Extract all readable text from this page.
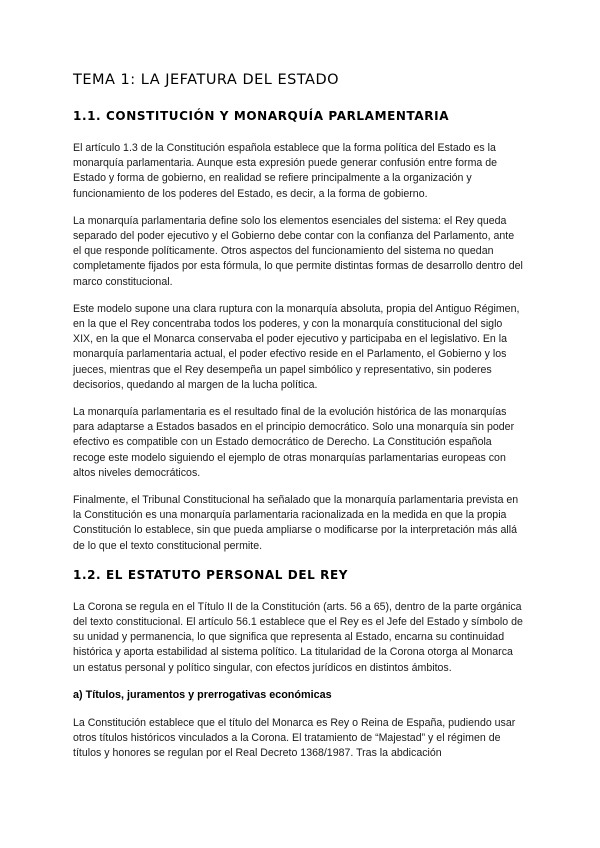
TEMA 1: LA JEFATURA DEL ESTADO
1.1. CONSTITUCIÓN Y MONARQUÍA PARLAMENTARIA

El artículo 1.3 de la Constitución española establece que la forma política del Estado es la monarquía parlamentaria. Aunque esta expresión puede generar confusión entre forma de Estado y forma de gobierno, en realidad se refiere principalmente a la organización y funcionamiento de los poderes del Estado, es decir, a la forma de gobierno.

La monarquía parlamentaria define solo los elementos esenciales del sistema: el Rey queda separado del poder ejecutivo y el Gobierno debe contar con la confianza del Parlamento, ante el que responde políticamente. Otros aspectos del funcionamiento del sistema no quedan completamente fijados por esta fórmula, lo que permite distintas formas de desarrollo dentro del marco constitucional.

Este modelo supone una clara ruptura con la monarquía absoluta, propia del Antiguo Régimen, en la que el Rey concentraba todos los poderes, y con la monarquía constitucional del siglo XIX, en la que el Monarca conservaba el poder ejecutivo y participaba en el legislativo. En la monarquía parlamentaria actual, el poder efectivo reside en el Parlamento, el Gobierno y los jueces, mientras que el Rey desempeña un papel simbólico y representativo, sin poderes decisorios, quedando al margen de la lucha política.

La monarquía parlamentaria es el resultado final de la evolución histórica de las monarquías para adaptarse a Estados basados en el principio democrático. Solo una monarquía sin poder efectivo es compatible con un Estado democrático de Derecho. La Constitución española recoge este modelo siguiendo el ejemplo de otras monarquías parlamentarias europeas con altos niveles democráticos.

Finalmente, el Tribunal Constitucional ha señalado que la monarquía parlamentaria prevista en la Constitución es una monarquía parlamentaria racionalizada en la medida en que la propia Constitución lo establece, sin que pueda ampliarse o modificarse por la interpretación más allá de lo que el texto constitucional permite.

1.2. EL ESTATUTO PERSONAL DEL REY

La Corona se regula en el Título II de la Constitución (arts. 56 a 65), dentro de la parte orgánica del texto constitucional. El artículo 56.1 establece que el Rey es el Jefe del Estado y símbolo de su unidad y permanencia, lo que significa que representa al Estado, encarna su continuidad histórica y aporta estabilidad al sistema político. La titularidad de la Corona otorga al Monarca un estatus personal y político singular, con efectos jurídicos en distintos ámbitos.

a) Títulos, juramentos y prerrogativas económicas

La Constitución establece que el título del Monarca es Rey o Reina de España, pudiendo usar otros títulos históricos vinculados a la Corona. El tratamiento de “Majestad” y el régimen de títulos y honores se regulan por el Real Decreto 1368/1987. Tras la abdicación
